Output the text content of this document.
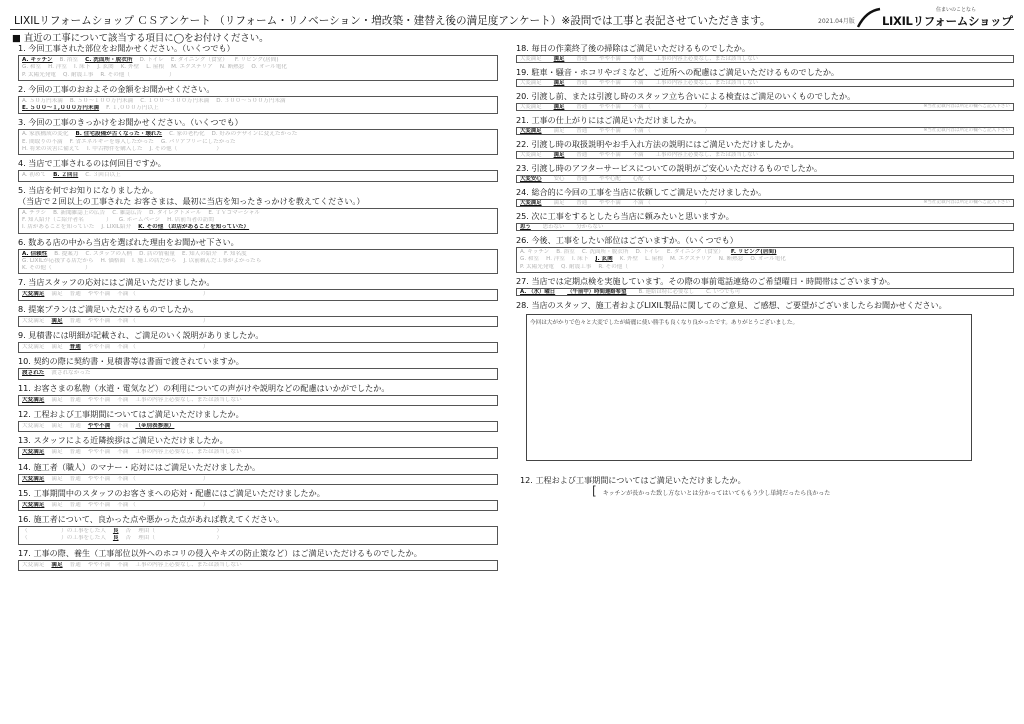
LIXILリフォームショップ ＣＳアンケート （リフォーム・リノベーション・増改築・建替え後の満足度アンケート）※設問では工事と表記させていただきます。	2021.04月版
住まいのことなら
LIXILリフォームショップ
■ 直近の工事について該当する項目に◯をお付けください。
1. 今回工事された部位をお聞かせください。（いくつでも）
A. キッチン B. 浴室 C. 洗面所・脱衣所 D. トイレ E. ダイニング（食堂） F. リビング(居間)
G. 和室 H. 洋室 I. 床下 J. 玄関 K. 外壁 L. 屋根 M. エクステリア N. 断熱窓 O. オール電化
P. 太陽光発電 Q. 耐震工事 R. その他（　　　　　　　）
2. 今回の工事のおおよその金額をお聞かせください。
A. ５０万円未満 B. ５０～１００万円未満 C. １００～３００万円未満 D. ３００～５００万円未満
E. ５００～１,０００万円未満 F. １,０００万円以上
3. 今回の工事のきっかけをお聞かせください。（いくつでも）
A. 家族構成の変化 B. 住宅設備が古くなった・壊れた C. 家の老朽化 D. 好みのデザインに変えたかった
E. 間取りの不満 F. 省エネルギーを導入したかった G. バリアフリーにしたかった
H. 将来の災害に備えて I. 中古物件を購入した J. その他（　　　　　　　）
4. 当店で工事されるのは何回目ですか。
A. 初めて B. ２回目 C. ３回目以上
5. 当店を何でお知りになりましたか。
（当店で２回以上の工事された お客さまは、最初に当店を知ったきっかけを教えてください。）
A. チラシ B. 新聞雑誌上の広告 C. 雑誌広告 D. ダイレクトメール E. ＴＶコマーシャル
F. 知人紹介（ご紹介者名　　　　） G. ホームページ H. 店前当者の訪問
I. 店があることを知っていた J. LIXIL紹介 K. その他 （お店があることを知っていた）
6. 数ある店の中から当店を選ばれた理由をお聞かせ下さい。
A. 信頼性 B. 提案力 C. スタッフの人柄 D. 店の情報量 E. 知人の紹介 F. 知名度
G. LIXILが応援する店だから H. 価格面 I. 施工の店だから J. 以前頼んだ工事がよかったら
K. その他（　　　　　　）
7. 当店スタッフの応対にはご満足いただけましたか。
大変満足 満足 普通 やや不満 不満 （　　　　　　　　　　　　）
8. 提案プランはご満足いただけるものでしたか。
大変満足 満足 普通 やや不満 不満 （　　　　　　　　　　　　）
9. 見積書には明細が記載され、ご満足のいく説明がありましたか。
大変満足 満足 普通 やや不満 不満 （　　　　　　　　　　　　）
10. 契約の際に契約書・見積書等は書面で渡されていますか。
渡された 渡されなかった
11. お客さまの私物（水道・電気など）の利用についての声がけや説明などの配慮はいかがでしたか。
大変満足 満足 普通 やや不満 不満 工事の内容上必要なし、または該当しない
12. 工程および工事期間についてはご満足いただけましたか。
大変満足 満足 普通 やや不満 不満 （※別表参照）
13. スタッフによる近隣挨拶はご満足いただけましたか。
大変満足 満足 普通 やや不満 不満 工事の内容上必要なし、または該当しない
14. 施工者（職人）のマナー・応対にはご満足いただけましたか。
大変満足 満足 普通 やや不満 不満 （　　　　　　　　　　　　）
15. 工事期間中のスタッフのお客さまへの応対・配慮にはご満足いただけましたか。
大変満足 満足 普通 やや不満 不満 （　　　　　　　　　　　　）
16. 施工者について、良かった点や悪かった点があれば教えてください。
（　　　　　　）の工事をした人 良 否 理由（　　　　　　　　　　　）
（　　　　　　）の工事をした人 良 否 理由（　　　　　　　　　　　）
17. 工事の際、養生（工事部位以外へのホコリの侵入やキズの防止策など）はご満足いただけるものでしたか。
大変満足 満足 普通 やや不満 不満 工事の内容上必要なし、または該当しない
18. 毎日の作業終了後の掃除はご満足いただけるものでしたか。
大変満足 満足 普通 やや不満 不満 工事の内容上必要なし、または該当しない
19. 駐車・騒音・ホコリやゴミなど、ご近所への配慮はご満足いただけるものでしたか。
大変満足 満足 普通 やや不満 不満 工事の内容上必要なし、または該当しない
20. 引渡し前、または引渡し時のスタッフ立ち合いによる検査はご満足のいくものでしたか。
大変満足 満足 普通 やや不満 不満 （　　　　　　　　　　）	※当社記載内容は所定の欄へご記入下さい
21. 工事の仕上がりにはご満足いただけましたか。
大変満足 満足 普通 やや不満 不満 （　　　　　　　　　　）	※当社記載内容は所定の欄へご記入下さい
22. 引渡し時の取扱説明やお手入れ方法の説明にはご満足いただけましたか。
大変満足 満足 普通 やや不満 不満 工事の内容上必要なし、または該当しない
23. 引渡し時のアフターサービスについての説明がご安心いただけるものでしたか。
大変安心 安心 普通 やや心配 心配 （　　　　　　　　　　）
24. 総合的に今回の工事を当店に依頼してご満足いただけましたか。
大変満足 満足 普通 やや不満 不満 （　　　　　　　　　　）	※当社記載内容は所定の欄へご記入下さい
25. 次に工事をするとしたら当店に頼みたいと思いますか。
思う 思わない 分からない
26. 今後、工事をしたい部位はございますか。（いくつでも）
A. キッチン B. 浴室 C. 洗面所・脱衣所 D. トイレ E. ダイニング（食堂） F. リビング(居間)
G. 和室 H. 洋室 I. 床下 J. 玄関 K. 外壁 L. 屋根 M. エクステリア N. 断熱窓 O. オール電化
P. 太陽光発電 Q. 耐震工事 R. その他（　　　　　　）
27. 当店では定期点検を実施しています。その際の事前電話連絡のご希望曜日・時間帯はございますか。
A. （水）曜日 （午前中）時間連絡希望 B. 連絡は特に必要なし C. いつでも可
28. 当店のスタッフ、施工者およびLIXIL製品に関してのご意見、ご感想、ご要望がございましたらお聞かせください。
今回は大がかりで色々と大変でしたが綺麗に使い勝手も良くなり良かったです。ありがとうございました。
12. 工程および工事期間についてはご満足いただけましたか。
[ キッチンが長かった致し方ないとは分かってはいてももう少し単純だったら良かった
